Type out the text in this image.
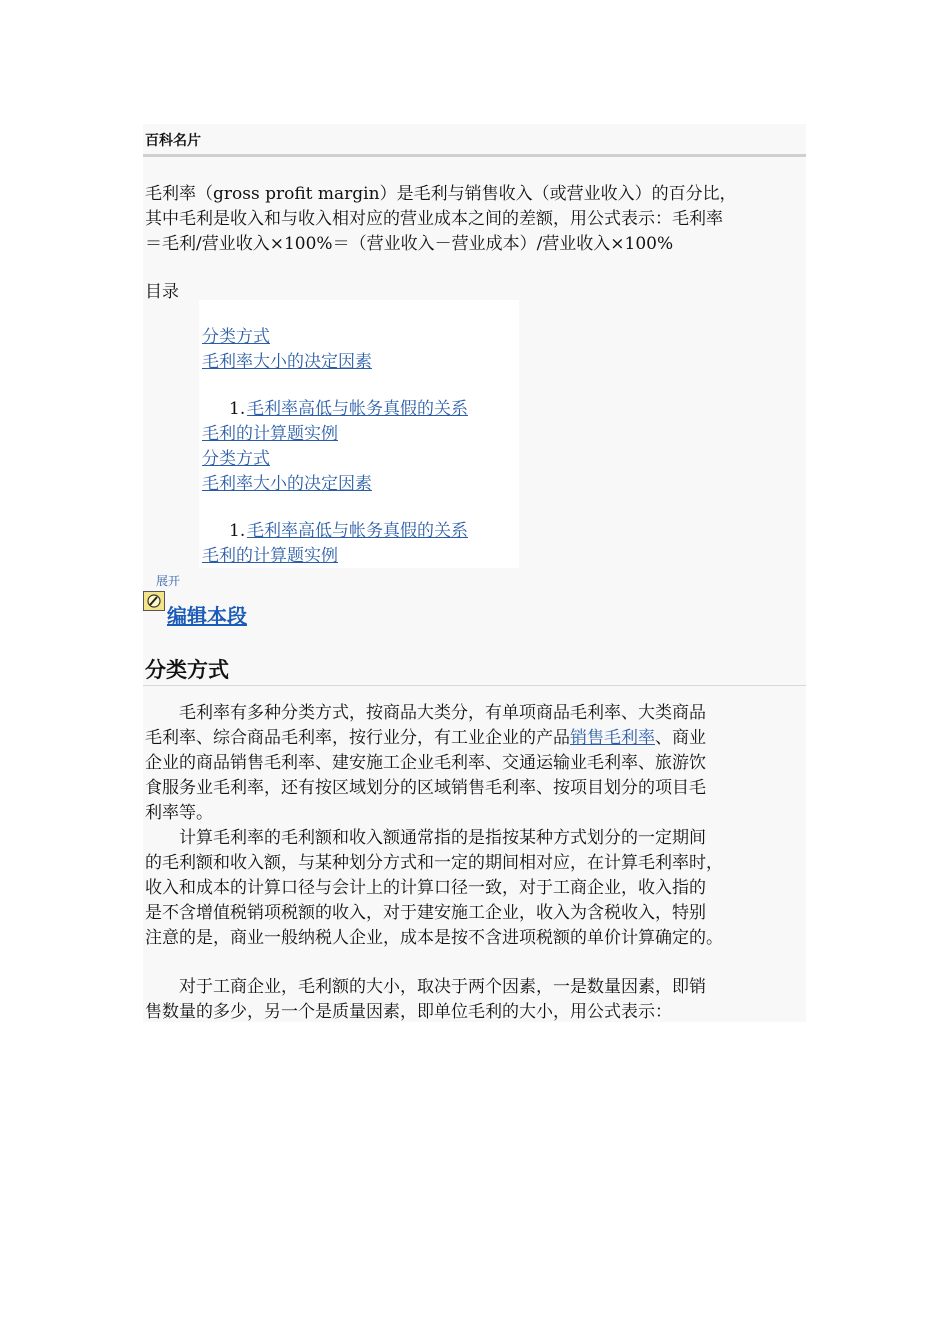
百科名片
毛利率（gross profit margin）是毛利与销售收入（或营业收入）的百分比，
其中毛利是收入和与收入相对应的营业成本之间的差额，用公式表示：毛利率
＝毛利/营业收入×100%＝（营业收入－营业成本）/营业收入×100%
目录
分类方式
毛利率大小的决定因素
1. 毛利率高低与帐务真假的关系
毛利的计算题实例
分类方式
毛利率大小的决定因素
1. 毛利率高低与帐务真假的关系
毛利的计算题实例
展开
编辑本段
分类方式
　　毛利率有多种分类方式，按商品大类分，有单项商品毛利率、大类商品
毛利率、综合商品毛利率，按行业分，有工业企业的产品销售毛利率、商业
企业的商品销售毛利率、建安施工企业毛利率、交通运输业毛利率、旅游饮
食服务业毛利率，还有按区域划分的区域销售毛利率、按项目划分的项目毛
利率等。
　　计算毛利率的毛利额和收入额通常指的是指按某种方式划分的一定期间
的毛利额和收入额，与某种划分方式和一定的期间相对应，在计算毛利率时，
收入和成本的计算口径与会计上的计算口径一致，对于工商企业，收入指的
是不含增值税销项税额的收入，对于建安施工企业，收入为含税收入，特别
注意的是，商业一般纳税人企业，成本是按不含进项税额的单价计算确定的。
　　对于工商企业，毛利额的大小，取决于两个因素，一是数量因素，即销
售数量的多少，另一个是质量因素，即单位毛利的大小，用公式表示：
